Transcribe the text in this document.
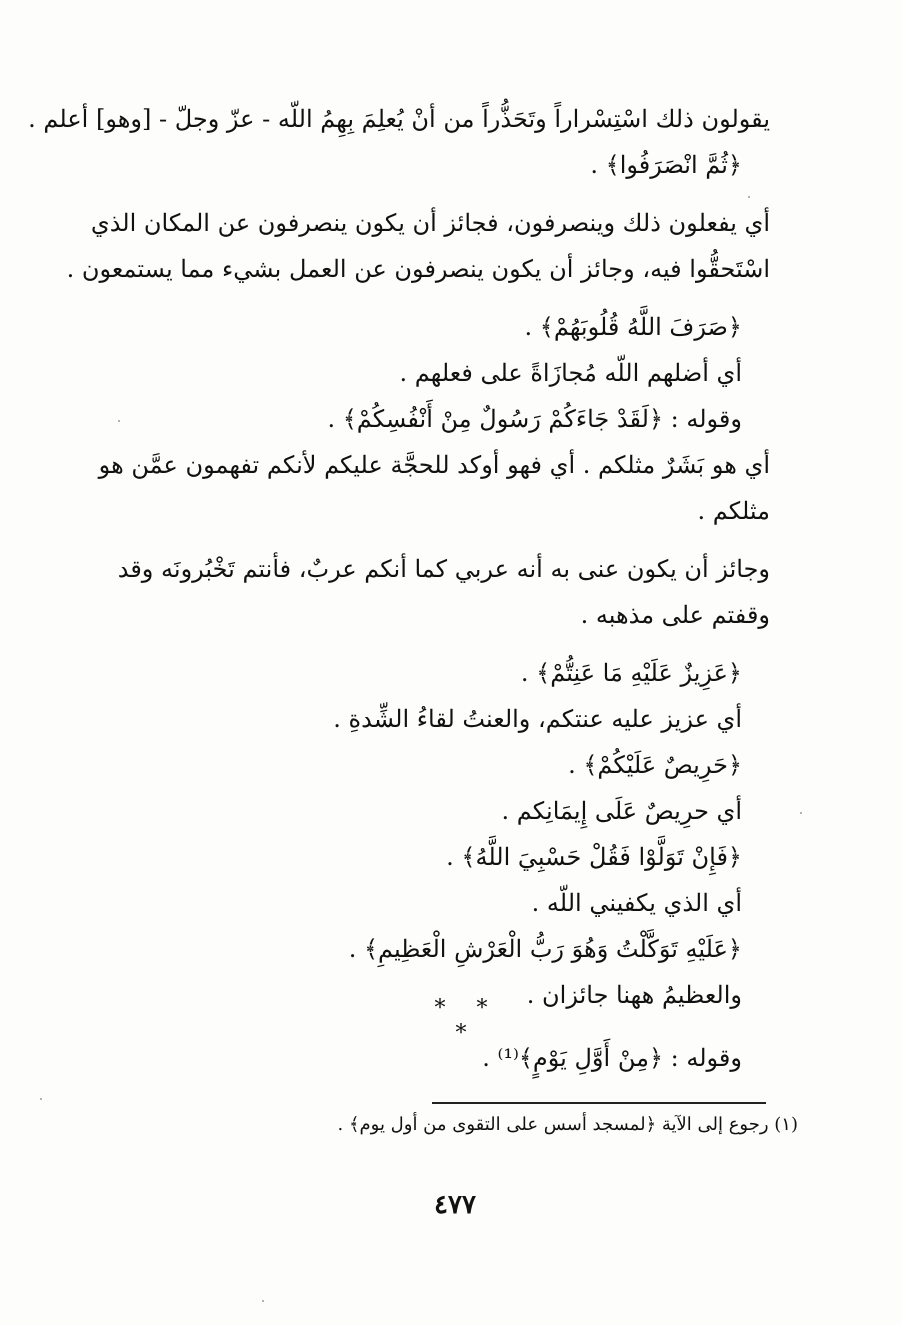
يقولون ذلك اسْتِسْراراً وتَحَذُّراً من أنْ يُعلِمَ بِهِمُ اللّه - عزّ وجلّ - [وهو] أعلم .
﴿ثُمَّ انْصَرَفُوا﴾ .
أي يفعلون ذلك وينصرفون، فجائز أن يكون ينصرفون عن المكان الذي
اسْتَحقُّوا فيه، وجائز أن يكون ينصرفون عن العمل بشيء مما يستمعون .
﴿صَرَفَ اللَّهُ قُلُوبَهُمْ﴾ .
أي أضلهم اللّه مُجازَاةً على فعلهم .
وقوله : ﴿لَقَدْ جَاءَكُمْ رَسُولٌ مِنْ أَنْفُسِكُمْ﴾ .
أي هو بَشَرٌ مثلكم . أي فهو أوكد للحجَّة عليكم لأنكم تفهمون عمَّن هو
مثلكم .
وجائز أن يكون عنى به أنه عربي كما أنكم عربٌ، فأنتم تَخْبُرونَه وقد
وقفتم على مذهبه .
﴿عَزِيزٌ عَلَيْهِ مَا عَنِتُّمْ﴾ .
أي عزيز عليه عنتكم، والعنتُ لقاءُ الشِّدةِ .
﴿حَرِيصٌ عَلَيْكُمْ﴾ .
أي حرِيصٌ عَلَى إِيمَانِكم .
﴿فَإِنْ تَوَلَّوْا فَقُلْ حَسْبِيَ اللَّهُ﴾ .
أي الذي يكفيني اللّه .
﴿عَلَيْهِ تَوَكَّلْتُ وَهُوَ رَبُّ الْعَرْشِ الْعَظِيمِ﴾ .
والعظيمُ ههنا جائزان .
* * *
وقوله : ﴿مِنْ أَوَّلِ يَوْمٍ﴾⁽¹⁾ .
(١) رجوع إلى الآية ﴿لمسجد أسس على التقوى من أول يوم﴾ .
٤٧٧
